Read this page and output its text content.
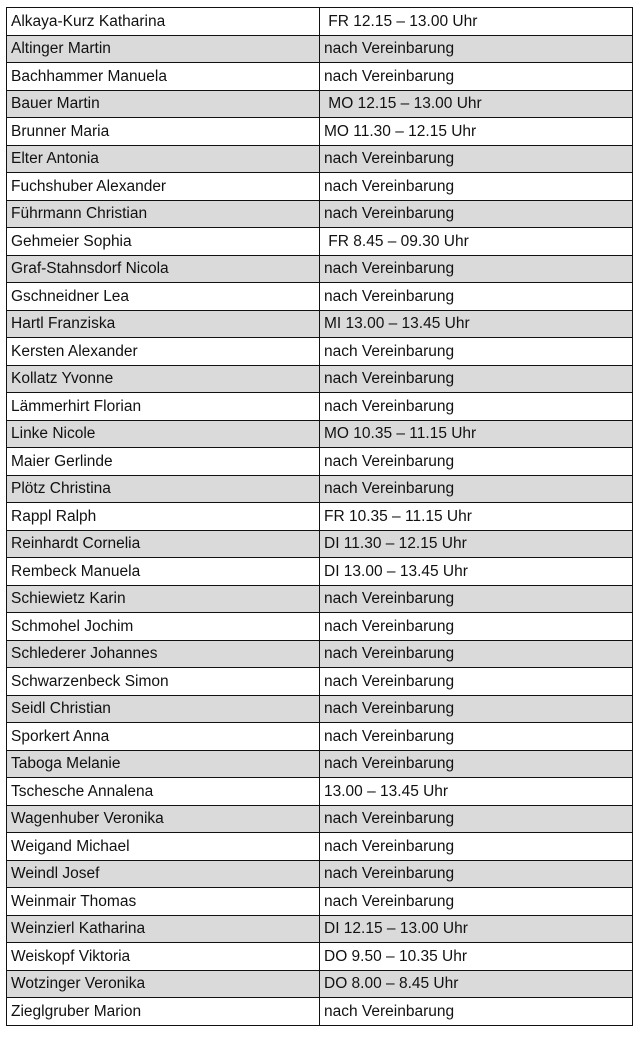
Alkaya-Kurz Katharina	FR 12.15 – 13.00 Uhr
Altinger Martin	nach Vereinbarung
Bachhammer Manuela	nach Vereinbarung
Bauer Martin	MO 12.15 – 13.00 Uhr
Brunner Maria	MO 11.30 – 12.15 Uhr
Elter Antonia	nach Vereinbarung
Fuchshuber Alexander	nach Vereinbarung
Führmann Christian	nach Vereinbarung
Gehmeier Sophia	FR 8.45 – 09.30 Uhr
Graf-Stahnsdorf Nicola	nach Vereinbarung
Gschneidner Lea	nach Vereinbarung
Hartl Franziska	MI 13.00 – 13.45 Uhr
Kersten Alexander	nach Vereinbarung
Kollatz Yvonne	nach Vereinbarung
Lämmerhirt Florian	nach Vereinbarung
Linke Nicole	MO 10.35 – 11.15 Uhr
Maier Gerlinde	nach Vereinbarung
Plötz Christina	nach Vereinbarung
Rappl Ralph	FR 10.35 – 11.15 Uhr
Reinhardt Cornelia	DI 11.30 – 12.15 Uhr
Rembeck Manuela	DI 13.00 – 13.45 Uhr
Schiewietz Karin	nach Vereinbarung
Schmohel Jochim	nach Vereinbarung
Schlederer Johannes	nach Vereinbarung
Schwarzenbeck Simon	nach Vereinbarung
Seidl Christian	nach Vereinbarung
Sporkert Anna	nach Vereinbarung
Taboga Melanie	nach Vereinbarung
Tschesche Annalena	13.00 – 13.45 Uhr
Wagenhuber Veronika	nach Vereinbarung
Weigand Michael	nach Vereinbarung
Weindl Josef	nach Vereinbarung
Weinmair Thomas	nach Vereinbarung
Weinzierl Katharina	DI 12.15 – 13.00 Uhr
Weiskopf Viktoria	DO 9.50 – 10.35 Uhr
Wotzinger Veronika	DO 8.00 – 8.45 Uhr
Zieglgruber Marion	nach Vereinbarung
